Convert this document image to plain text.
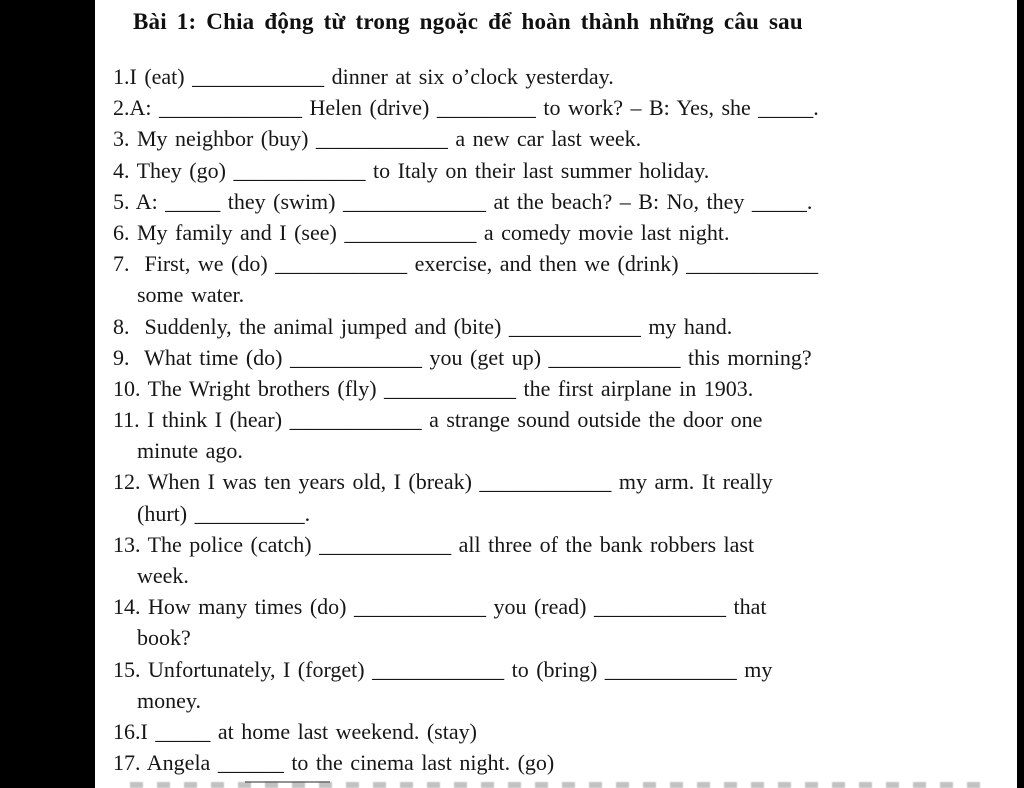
Bài 1: Chia động từ trong ngoặc để hoàn thành những câu sau
1.I (eat) ____________ dinner at six o’clock yesterday.
2.A: _____________ Helen (drive) _________ to work? – B: Yes, she _____.
3. My neighbor (buy) ____________ a new car last week.
4. They (go) ____________ to Italy on their last summer holiday.
5. A: _____ they (swim) _____________ at the beach? – B: No, they _____.
6. My family and I (see) ____________ a comedy movie last night.
7.  First, we (do) ____________ exercise, and then we (drink) ____________
some water.
8.  Suddenly, the animal jumped and (bite) ____________ my hand.
9.  What time (do) ____________ you (get up) ____________ this morning?
10. The Wright brothers (fly) ____________ the first airplane in 1903.
11. I think I (hear) ____________ a strange sound outside the door one
minute ago.
12. When I was ten years old, I (break) ____________ my arm. It really
(hurt) __________.
13. The police (catch) ____________ all three of the bank robbers last
week.
14. How many times (do) ____________ you (read) ____________ that
book?
15. Unfortunately, I (forget) ____________ to (bring) ____________ my
money.
16.I _____ at home last weekend. (stay)
17. Angela ______ to the cinema last night. (go)
